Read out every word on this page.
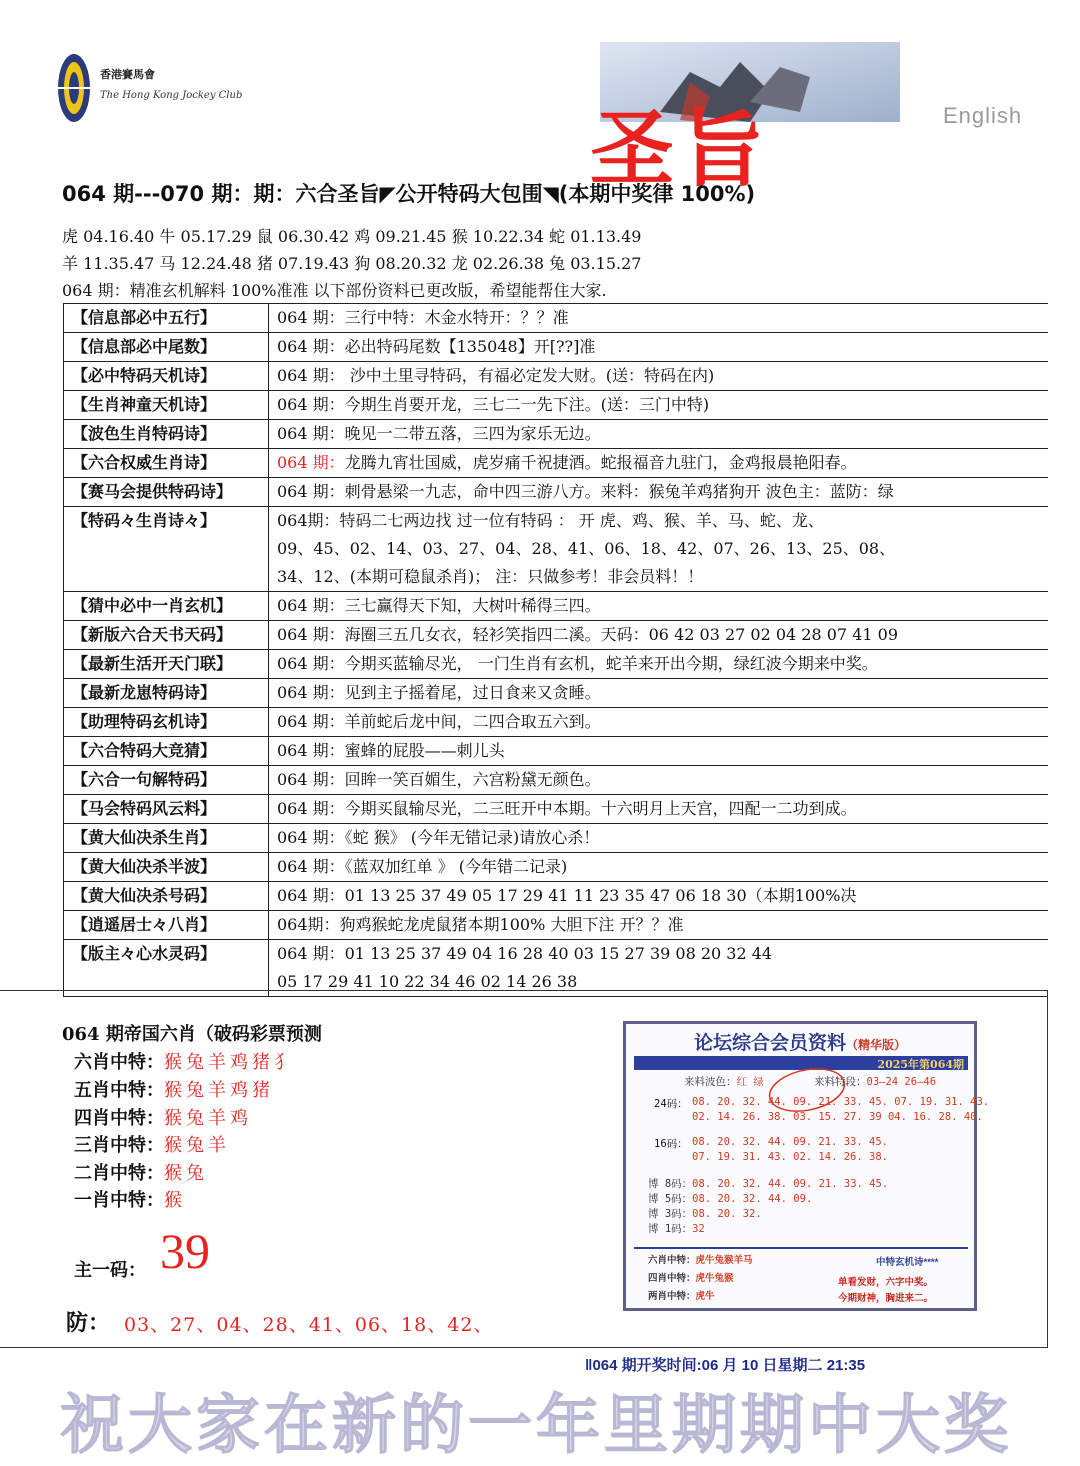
香港賽馬會
The Hong Kong Jockey Club
圣旨	English
064 期---070 期：期：六合圣旨◤公开特码大包围◥(本期中奖律 100%)
虎 04.16.40 牛 05.17.29 鼠 06.30.42 鸡 09.21.45 猴 10.22.34 蛇 01.13.49
羊 11.35.47 马 12.24.48 猪 07.19.43 狗 08.20.32 龙 02.26.38 兔 03.15.27
064 期：精准玄机解料 100%准准 以下部份资料已更改版，希望能帮住大家.
【信息部必中五行】	064 期：三行中特：木金水特开：？？准
【信息部必中尾数】	064 期：必出特码尾数【135048】开[??]准
【必中特码天机诗】	064 期： 沙中土里寻特码，有福必定发大财。(送：特码在内)
【生肖神童天机诗】	064 期：今期生肖要开龙，三七二一先下注。(送：三门中特)
【波色生肖特码诗】	064 期：晚见一二带五落，三四为家乐无边。
【六合权威生肖诗】	064 期：龙腾九宵壮国威，虎岁痛千祝捷酒。蛇报福音九驻门，金鸡报晨艳阳春。
【赛马会提供特码诗】	064 期：刺骨悬梁一九志，命中四三游八方。来料：猴兔羊鸡猪狗开 波色主：蓝防：绿
【特码々生肖诗々】	064期：特码二七两边找 过一位有特码 ： 开 虎、鸡、猴、羊、马、蛇、龙、
09、45、02、14、03、27、04、28、41、06、18、42、07、26、13、25、08、
34、12、(本期可稳鼠杀肖)； 注：只做参考！非会员料！！
【猜中必中一肖玄机】	064 期：三七赢得天下知，大树叶稀得三四。
【新版六合天书天码】	064 期：海圈三五几女衣，轻衫笑指四二溪。天码：06 42 03 27 02 04 28 07 41 09
【最新生活开天门联】	064 期：今期买蓝输尽光， 一门生肖有玄机，蛇羊来开出今期，绿红波今期来中奖。
【最新龙崽特码诗】	064 期：见到主子摇着尾，过日食来又贪睡。
【助理特码玄机诗】	064 期：羊前蛇后龙中间，二四合取五六到。
【六合特码大竞猜】	064 期：蜜蜂的屁股——刺儿头
【六合一句解特码】	064 期：回眸一笑百媚生，六宫粉黛无颜色。
【马会特码风云料】	064 期：今期买鼠输尽光，二三旺开中本期。十六明月上天宫，四配一二功到成。
【黄大仙决杀生肖】	064 期：《蛇 猴》 (今年无错记录)请放心杀！
【黄大仙决杀半波】	064 期：《蓝双加红单 》 (今年错二记录)
【黄大仙决杀号码】	064 期：01 13 25 37 49 05 17 29 41 11 23 35 47 06 18 30（本期100%决
【逍遥居士々八肖】	064期：狗鸡猴蛇龙虎鼠猪本期100% 大胆下注 开？？准
【版主々心水灵码】	064 期：01 13 25 37 49 04 16 28 40 03 15 27 39 08 20 32 44
05 17 29 41 10 22 34 46 02 14 26 38
064 期帝国六肖（破码彩票预测
六肖中特：猴兔羊鸡猪犭
五肖中特：猴兔羊鸡猪
四肖中特：猴兔羊鸡
三肖中特：猴兔羊
二肖中特：猴兔
一肖中特：猴
主一码： 39
防： 03、27、04、28、41、06、18、42、
论坛综合会员资料（精华版）
2025年第064期
来料波色：红 绿	来料特段：03—24 26—46
24码： 08. 20. 32. 44. 09. 21. 33. 45. 07. 19. 31. 43.
02. 14. 26. 38. 03. 15. 27. 39 04. 16. 28. 40.
16码： 08. 20. 32. 44. 09. 21. 33. 45.
07. 19. 31. 43. 02. 14. 26. 38.
博 8码：08. 20. 32. 44. 09. 21. 33. 45.
博 5码：08. 20. 32. 44. 09.
博 3码：08. 20. 32.
博 1码：32
六肖中特：虎牛兔猴羊马
四肖中特：虎牛兔猴
两肖中特：虎牛
中特玄机诗****
单看发财，六字中奖。
今期财神，胸进来二。
‖064 期开奖时间:06 月 10 日星期二 21:35
祝大家在新的一年里期期中大奖
